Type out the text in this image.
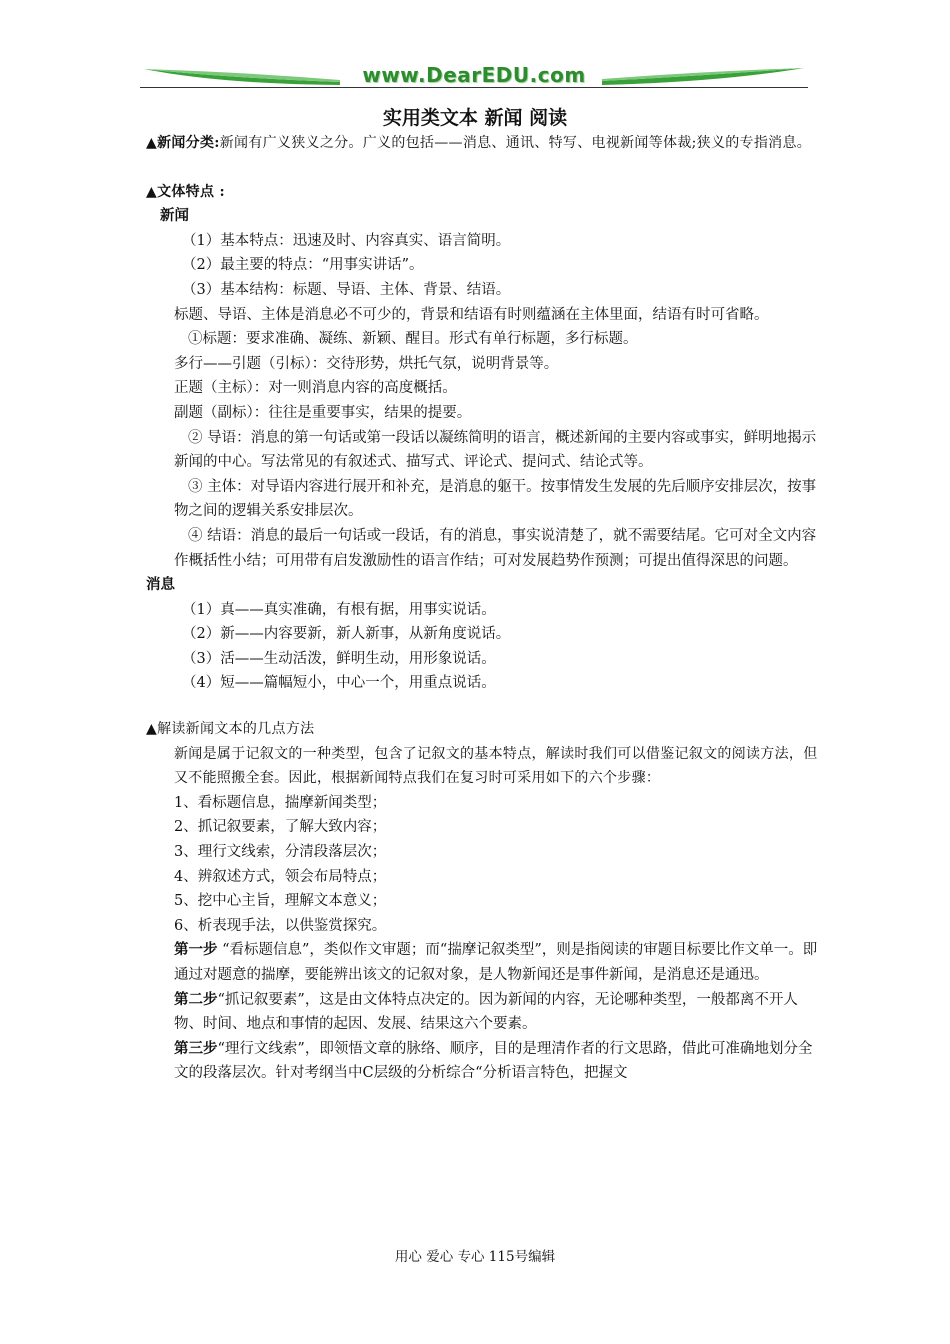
www.DearEDU.com
实用类文本 新闻 阅读
▲新闻分类: 新闻有广义狭义之分。广义的包括——消息、通讯、特写、电视新闻等体裁;狭义的专指消息。
▲文体特点 :
新闻
（1）基本特点：迅速及时、内容真实、语言简明。
（2）最主要的特点：“用事实讲话”。
（3）基本结构：标题、导语、主体、背景、结语。
标题、导语、主体是消息必不可少的，背景和结语有时则蕴涵在主体里面，结语有时可省略。
①标题：要求准确、凝练、新颖、醒目。形式有单行标题，多行标题。
多行——引题（引标）：交待形势，烘托气氛，说明背景等。
正题（主标）：对一则消息内容的高度概括。
副题（副标）：往往是重要事实，结果的提要。
② 导语：消息的第一句话或第一段话以凝练简明的语言，概述新闻的主要内容或事实，鲜明地揭示新闻的中心。写法常见的有叙述式、描写式、评论式、提问式、结论式等。
③ 主体：对导语内容进行展开和补充，是消息的躯干。按事情发生发展的先后顺序安排层次，按事物之间的逻辑关系安排层次。
④ 结语：消息的最后一句话或一段话，有的消息，事实说清楚了，就不需要结尾。它可对全文内容作概括性小结；可用带有启发激励性的语言作结；可对发展趋势作预测；可提出值得深思的问题。
消息
（1）真——真实准确，有根有据，用事实说话。
（2）新——内容要新，新人新事，从新角度说话。
（3）活——生动活泼，鲜明生动，用形象说话。
（4）短——篇幅短小，中心一个，用重点说话。
▲解读新闻文本的几点方法
新闻是属于记叙文的一种类型，包含了记叙文的基本特点，解读时我们可以借鉴记叙文的阅读方法，但又不能照搬全套。因此，根据新闻特点我们在复习时可采用如下的六个步骤：
1、看标题信息，揣摩新闻类型；
2、抓记叙要素，了解大致内容；
3、理行文线索，分清段落层次；
4、辨叙述方式，领会布局特点；
5、挖中心主旨，理解文本意义；
6、析表现手法，以供鉴赏探究。
第一步 “看标题信息”，类似作文审题；而“揣摩记叙类型”，则是指阅读的审题目标要比作文单一。即通过对题意的揣摩，要能辨出该文的记叙对象，是人物新闻还是事件新闻，是消息还是通迅。
第二步“抓记叙要素”，这是由文体特点决定的。因为新闻的内容，无论哪种类型，一般都离不开人物、时间、地点和事情的起因、发展、结果这六个要素。
第三步“理行文线索”，即领悟文章的脉络、顺序，目的是理清作者的行文思路，借此可准确地划分全文的段落层次。针对考纲当中C层级的分析综合“分析语言特色，把握文
用心 爱心 专心 115号编辑
